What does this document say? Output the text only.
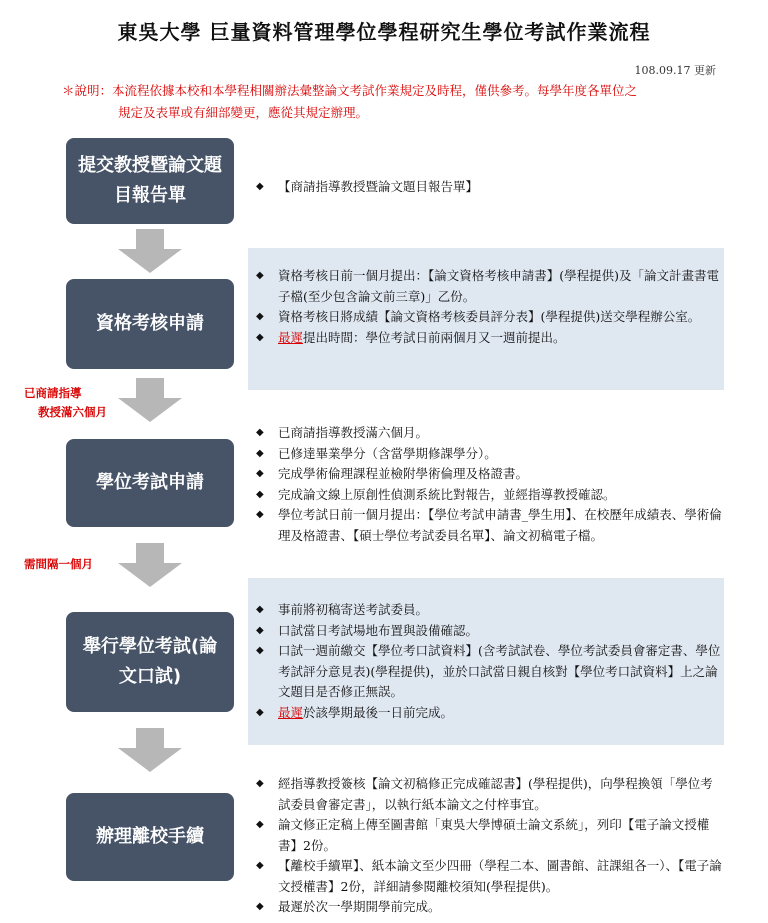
東吳大學 巨量資料管理學位學程研究生學位考試作業流程
108.09.17 更新
＊說明：本流程依據本校和本學程相關辦法彙整論文考試作業規定及時程，僅供參考。每學年度各單位之
規定及表單或有細部變更，應從其規定辦理。
提交教授暨論文題目報告單
資格考核申請
學位考試申請
舉行學位考試(論文口試)
辦理離校手續
已商請指導
教授滿六個月
需間隔一個月
◆ 【商請指導教授暨論文題目報告單】
◆ 資格考核日前一個月提出：【論文資格考核申請書】(學程提供)及「論文計畫書電子檔(至少包含論文前三章)」乙份。
◆ 資格考核日將成績【論文資格考核委員評分表】(學程提供)送交學程辦公室。
◆ 最遲提出時間：學位考試日前兩個月又一週前提出。
◆ 已商請指導教授滿六個月。
◆ 已修達畢業學分（含當學期修課學分）。
◆ 完成學術倫理課程並檢附學術倫理及格證書。
◆ 完成論文線上原創性偵測系統比對報告，並經指導教授確認。
◆ 學位考試日前一個月提出：【學位考試申請書_學生用】、在校歷年成績表、學術倫理及格證書、【碩士學位考試委員名單】、論文初稿電子檔。
◆ 事前將初稿寄送考試委員。
◆ 口試當日考試場地布置與設備確認。
◆ 口試一週前繳交【學位考口試資料】(含考試試卷、學位考試委員會審定書、學位考試評分意見表)(學程提供)，並於口試當日親自核對【學位考口試資料】上之論文題目是否修正無誤。
◆ 最遲於該學期最後一日前完成。
◆ 經指導教授簽核【論文初稿修正完成確認書】(學程提供)，向學程換領「學位考試委員會審定書」，以執行紙本論文之付梓事宜。
◆ 論文修正定稿上傳至圖書館「東吳大學博碩士論文系統」，列印【電子論文授權書】2份。
◆ 【離校手續單】、紙本論文至少四冊（學程二本、圖書館、註課組各一）、【電子論文授權書】2份，詳細請參閱離校須知(學程提供)。
◆ 最遲於次一學期開學前完成。
